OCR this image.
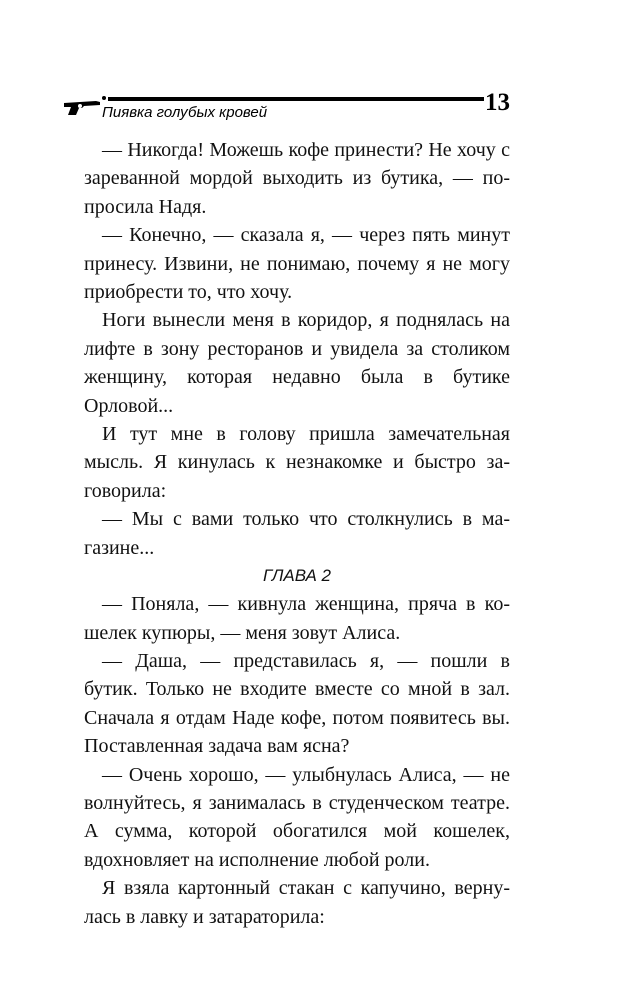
Пиявка голубых кровей	13

— Никогда! Можешь кофе принести? Не хочу с зареванной мордой выходить из бутика, — попросила Надя.

— Конечно, — сказала я, — через пять минут принесу. Извини, не понимаю, почему я не могу приобрести то, что хочу.

Ноги вынесли меня в коридор, я поднялась на лифте в зону ресторанов и увидела за столиком женщину, которая недавно была в бутике Орловой...

И тут мне в голову пришла замечательная мысль. Я кинулась к незнакомке и быстро заговорила:

— Мы с вами только что столкнулись в магазине...

ГЛАВА 2

— Поняла, — кивнула женщина, пряча в кошелек купюры, — меня зовут Алиса.

— Даша, — представилась я, — пошли в бутик. Только не входите вместе со мной в зал. Сначала я отдам Наде кофе, потом появитесь вы. Поставленная задача вам ясна?

— Очень хорошо, — улыбнулась Алиса, — не волнуйтесь, я занималась в студенческом театре. А сумма, которой обогатился мой кошелек, вдохновляет на исполнение любой роли.

Я взяла картонный стакан с капучино, вернулась в лавку и затараторила:
